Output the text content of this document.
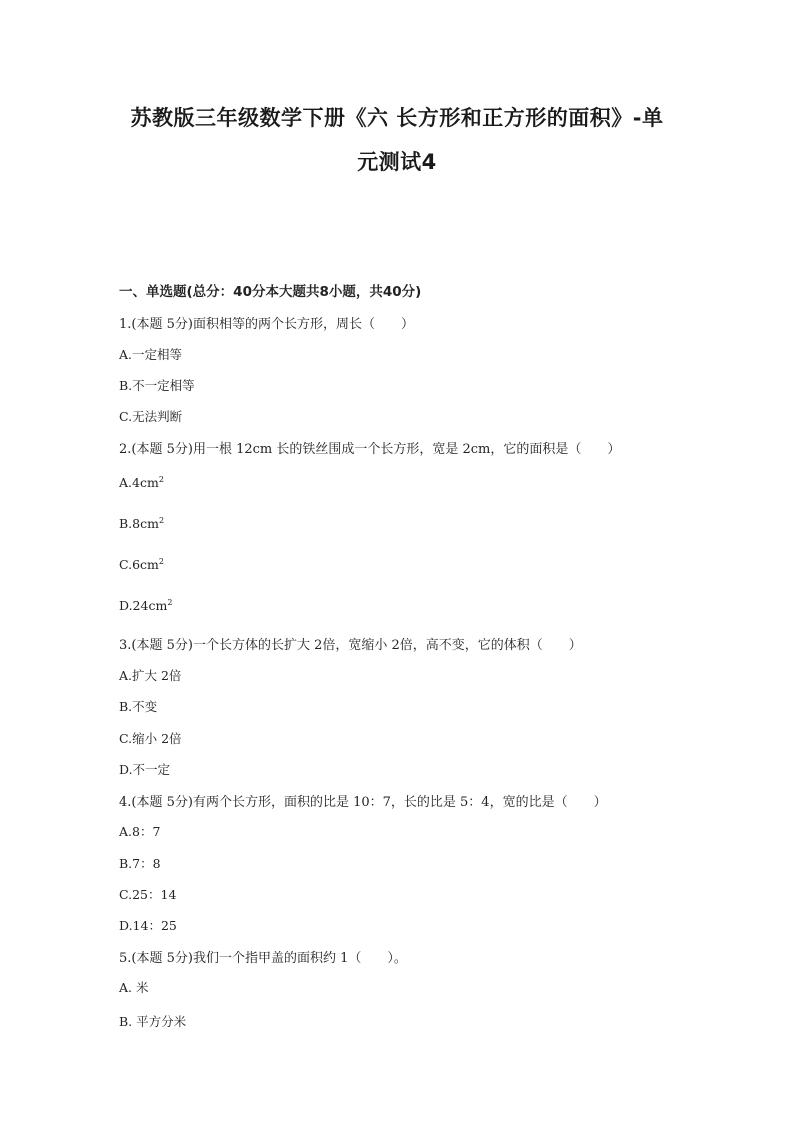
苏教版三年级数学下册《六 长方形和正方形的面积》-单
元测试4
一、单选题(总分：40分本大题共8小题，共40分)
1.(本题 5分)面积相等的两个长方形，周长（　　）
A.一定相等
B.不一定相等
C.无法判断
2.(本题 5分)用一根 12cm 长的铁丝围成一个长方形，宽是 2cm，它的面积是（　　）
$A.4cm^2$
$B.8cm^2$
$C.6cm^2$
$D.24cm^2$
3.(本题 5分)一个长方体的长扩大 2倍，宽缩小 2倍，高不变，它的体积（　　）
A.扩大 2倍
B.不变
C.缩小 2倍
D.不一定
4.(本题 5分)有两个长方形，面积的比是 10：7，长的比是 5：4，宽的比是（　　）
A.8：7
B.7：8
C.25：14
D.14：25
5.(本题 5分)我们一个指甲盖的面积约 1（　　）。
A. 米
B. 平方分米
